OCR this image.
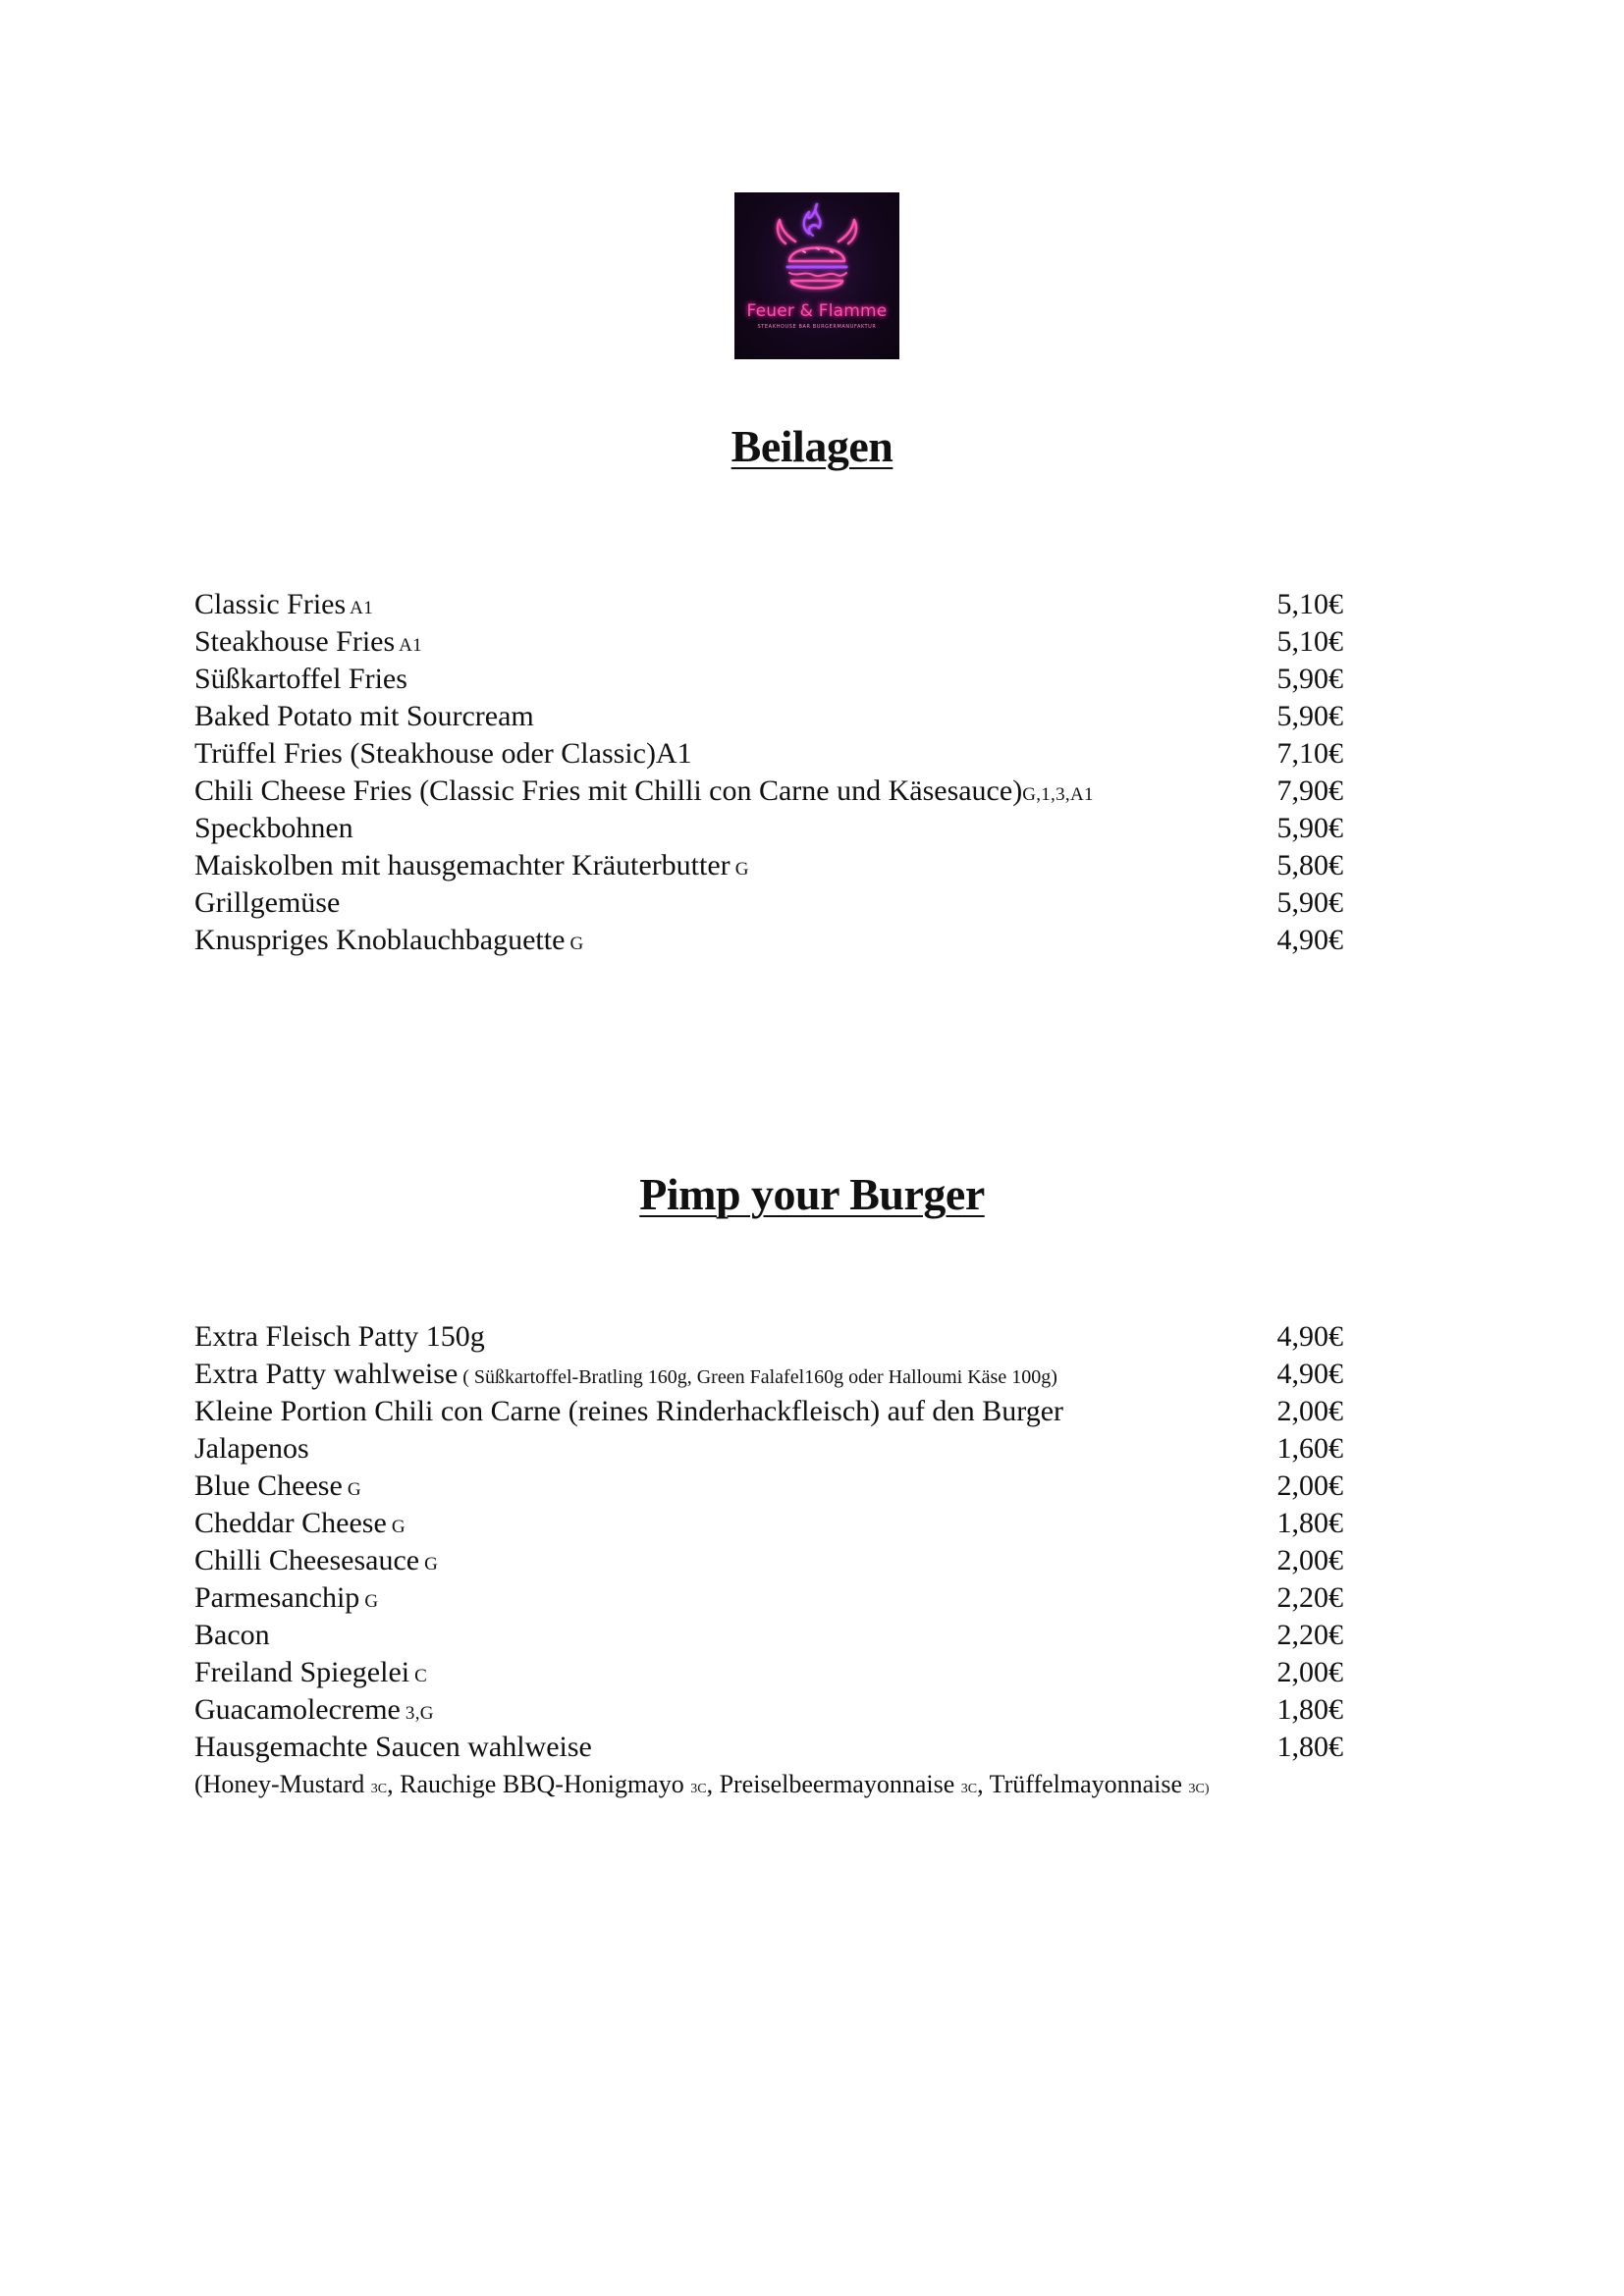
Feuer & Flamme
STEAKHOUSE BAR BURGERMANUFAKTUR
Beilagen
Classic Fries A1	5,10€
Steakhouse Fries A1	5,10€
Süßkartoffel Fries	5,90€
Baked Potato mit Sourcream	5,90€
Trüffel Fries (Steakhouse oder Classic)A1	7,10€
Chili Cheese Fries (Classic Fries mit Chilli con Carne und Käsesauce)G,1,3,A1	7,90€
Speckbohnen	5,90€
Maiskolben mit hausgemachter Kräuterbutter G	5,80€
Grillgemüse	5,90€
Knuspriges Knoblauchbaguette G	4,90€
Pimp your Burger
Extra Fleisch Patty 150g	4,90€
Extra Patty wahlweise ( Süßkartoffel-Bratling 160g, Green Falafel160g oder Halloumi Käse 100g)	4,90€
Kleine Portion Chili con Carne (reines Rinderhackfleisch) auf den Burger	2,00€
Jalapenos	1,60€
Blue Cheese G	2,00€
Cheddar Cheese G	1,80€
Chilli Cheesesauce G	2,00€
Parmesanchip G	2,20€
Bacon	2,20€
Freiland Spiegelei C	2,00€
Guacamolecreme 3,G	1,80€
Hausgemachte Saucen wahlweise	1,80€
(Honey-Mustard 3C, Rauchige BBQ-Honigmayo 3C, Preiselbeermayonnaise 3C, Trüffelmayonnaise 3C)
